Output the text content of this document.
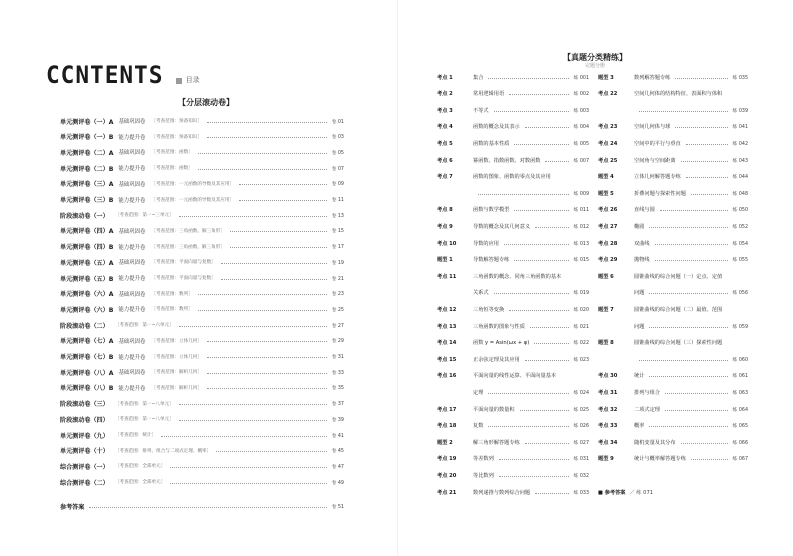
CCNTENTS	目录
【分层滚动卷】
单元测评卷（一）A 基础巩固卷 ［考查范围：预备知识］	卷 01
单元测评卷（一）B 能力提升卷 ［考查范围：预备知识］	卷 03
单元测评卷（二）A 基础巩固卷 ［考查范围：函数］	卷 05
单元测评卷（二）B 能力提升卷 ［考查范围：函数］	卷 07
单元测评卷（三）A 基础巩固卷 ［考查范围：一元函数的导数及其应用］	卷 09
单元测评卷（三）B 能力提升卷 ［考查范围：一元函数的导数及其应用］	卷 11
阶段滚动卷（一） ［考查范围：第一~三单元］	卷 13
单元测评卷（四）A 基础巩固卷 ［考查范围：三角函数、解三角形］	卷 15
单元测评卷（四）B 能力提升卷 ［考查范围：三角函数、解三角形］	卷 17
单元测评卷（五）A 基础巩固卷 ［考查范围：平面向量与复数］	卷 19
单元测评卷（五）B 能力提升卷 ［考查范围：平面向量与复数］	卷 21
单元测评卷（六）A 基础巩固卷 ［考查范围：数列］	卷 23
单元测评卷（六）B 能力提升卷 ［考查范围：数列］	卷 25
阶段滚动卷（二） ［考查范围：第一~六单元］	卷 27
单元测评卷（七）A 基础巩固卷 ［考查范围：立体几何］	卷 29
单元测评卷（七）B 能力提升卷 ［考查范围：立体几何］	卷 31
单元测评卷（八）A 基础巩固卷 ［考查范围：解析几何］	卷 33
单元测评卷（八）B 能力提升卷 ［考查范围：解析几何］	卷 35
阶段滚动卷（三） ［考查范围：第一~八单元］	卷 37
阶段滚动卷（四） ［考查范围：第一~八单元］	卷 39
单元测评卷（九） ［考查范围：统计］	卷 41
单元测评卷（十） ［考查范围：排列、组合与二项式定理、概率］	卷 45
综合测评卷（一） ［考查范围：全部单元］	卷 47
综合测评卷（二） ［考查范围：全部单元］	卷 49
参考答案	卷 51
【真题分类精练】
完题分册
考点 1	集合	练 001
考点 2	常用逻辑用语	练 002
考点 3	不等式	练 003
考点 4	函数的概念及其表示	练 004
考点 5	函数的基本性质	练 005
考点 6	幂函数、指数函数、对数函数	练 007
考点 7	函数的图象、函数的零点及其应用
练 009
考点 8	函数与数学模型	练 011
考点 9	导数的概念及其几何意义	练 012
考点 10	导数的应用	练 013
题型 1	导数解答题专练	练 015
考点 11	三角函数的概念、同角三角函数的基本
关系式	练 019
考点 12	三角恒等变换	练 020
考点 13	三角函数的图象与性质	练 021
考点 14	函数 y = Asin(ωx + φ)	练 022
考点 15	正余弦定理及其应用	练 023
考点 16	平面向量的线性运算、平面向量基本
定理	练 024
考点 17	平面向量的数量积	练 025
考点 18	复数	练 026
题型 2	解三角形解答题专练	练 027
考点 19	等差数列	练 031
考点 20	等比数列	练 032
考点 21	数列递推与数列综合问题	练 033
题型 3	数列解答题专练	练 035
考点 22	空间几何体的结构特征、表面积与体积
练 039
考点 23	空间几何体与球	练 041
考点 24	空间中的平行与垂直	练 042
考点 25	空间角与空间距离	练 043
题型 4	立体几何解答题专练	练 044
题型 5	折叠问题与探索性问题	练 048
考点 26	直线与圆	练 050
考点 27	椭圆	练 052
考点 28	双曲线	练 054
考点 29	抛物线	练 055
题型 6	圆锥曲线的综合问题（一）定点、定值
问题	练 056
题型 7	圆锥曲线的综合问题（二）最值、范围
问题	练 059
题型 8	圆锥曲线的综合问题（三）探索性问题
练 060
考点 30	统计	练 061
考点 31	排列与组合	练 063
考点 32	二项式定理	练 064
考点 33	概率	练 065
考点 34	随机变量及其分布	练 066
题型 9	统计与概率解答题专练	练 067
■ 参考答案 ／ 练 071
